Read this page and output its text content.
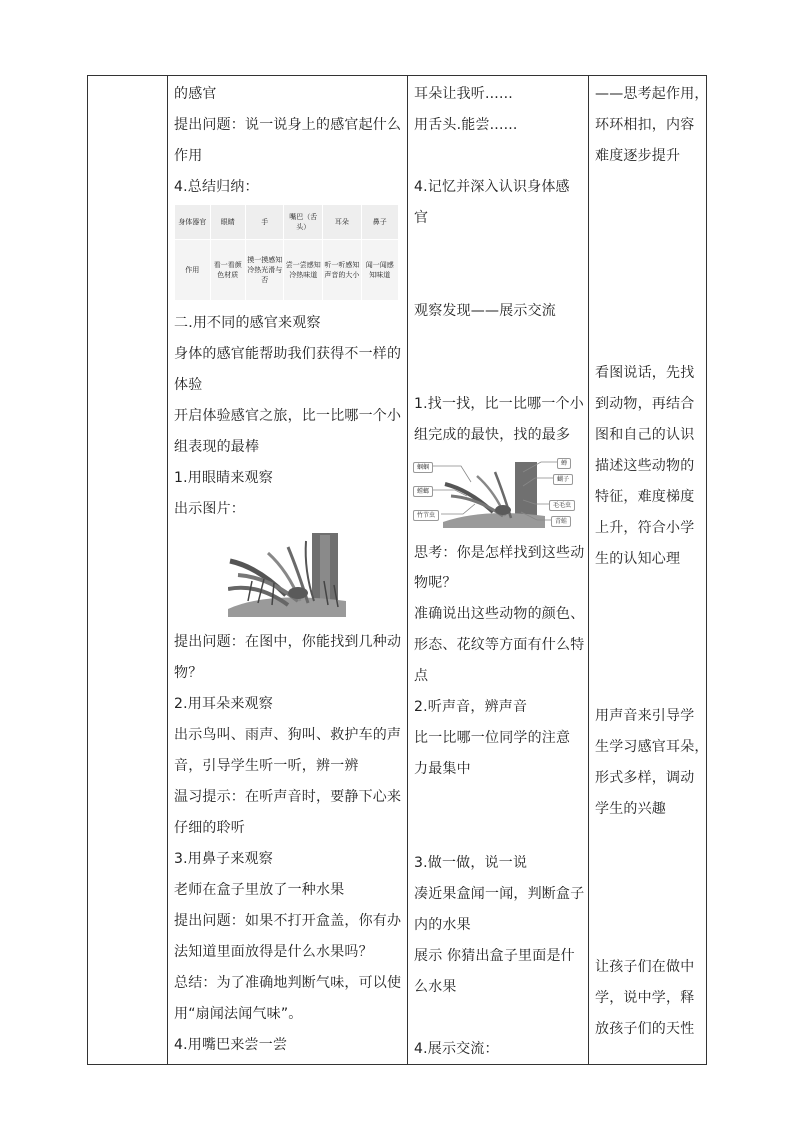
的感官
提出问题：说一说身上的感官起什么
作用
4.总结归纳：
身体器官	眼睛	手	嘴巴（舌头）	耳朵	鼻子
作用	看一看颜色材质	摸一摸感知冷热光滑与否	尝一尝感知冷热味道	听一听感知声音的大小	闻一闻感知味道
二.用不同的感官来观察
身体的感官能帮助我们获得不一样的
体验
开启体验感官之旅，比一比哪一个小
组表现的最棒
1.用眼睛来观察
出示图片：
提出问题：在图中，你能找到几种动
物？
2.用耳朵来观察
出示鸟叫、雨声、狗叫、救护车的声
音，引导学生听一听，辨一辨
温习提示：在听声音时，要静下心来
仔细的聆听
3.用鼻子来观察
老师在盒子里放了一种水果
提出问题：如果不打开盒盖，你有办
法知道里面放得是什么水果吗？
总结：为了准确地判断气味，可以使
用“扇闻法闻气味”。
4.用嘴巴来尝一尝
耳朵让我听......
用舌头.能尝......
4.记忆并深入认识身体感
官
观察发现——展示交流
1.找一找，比一比哪一个小
组完成的最快，找的最多
蝈蝈
螳螂
竹节虫
蝉
蝴子
毛毛虫
青蛙
思考：你是怎样找到这些动
物呢？
准确说出这些动物的颜色、
形态、花纹等方面有什么特
点
2.听声音，辨声音
比一比哪一位同学的注意
力最集中
3.做一做，说一说
凑近果盒闻一闻，判断盒子
内的水果
展示 你猜出盒子里面是什
么水果
4.展示交流：
——思考起作用，
环环相扣，内容
难度逐步提升
看图说话，先找
到动物，再结合
图和自己的认识
描述这些动物的
特征，难度梯度
上升，符合小学
生的认知心理
用声音来引导学
生学习感官耳朵，
形式多样，调动
学生的兴趣
让孩子们在做中
学，说中学，释
放孩子们的天性
